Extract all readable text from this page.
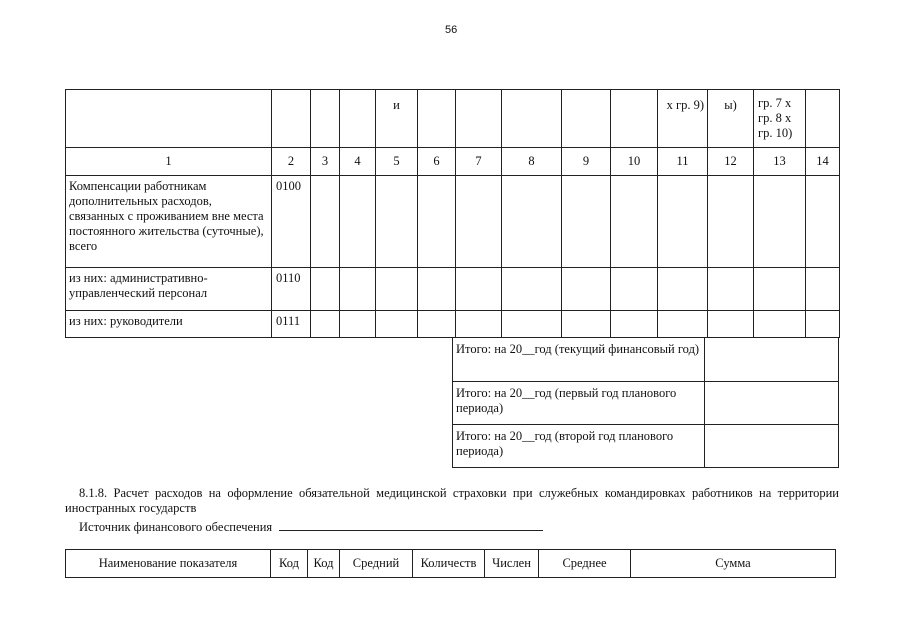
56
				и						х гр. 9)	ы)	гр. 7 х
гр. 8 х
гр. 10)	
1	2	3	4	5	6	7	8	9	10	11	12	13	14
Компенсации работникам дополнительных расходов, связанных с проживанием вне места постоянного жительства (суточные), всего	0100												
из них: административно-управленческий персонал	0110												
из них: руководители	0111												
Итого: на 20__год (текущий финансовый год)	
Итого: на 20__год (первый год планового периода)	
Итого: на 20__год (второй год планового периода)	
8.1.8. Расчет расходов на оформление обязательной медицинской страховки при служебных командировках работников на территории иностранных государств
Источник финансового обеспечения
Наименование показателя	Код	Код	Средний	Количеств	Числен	Среднее	Сумма
